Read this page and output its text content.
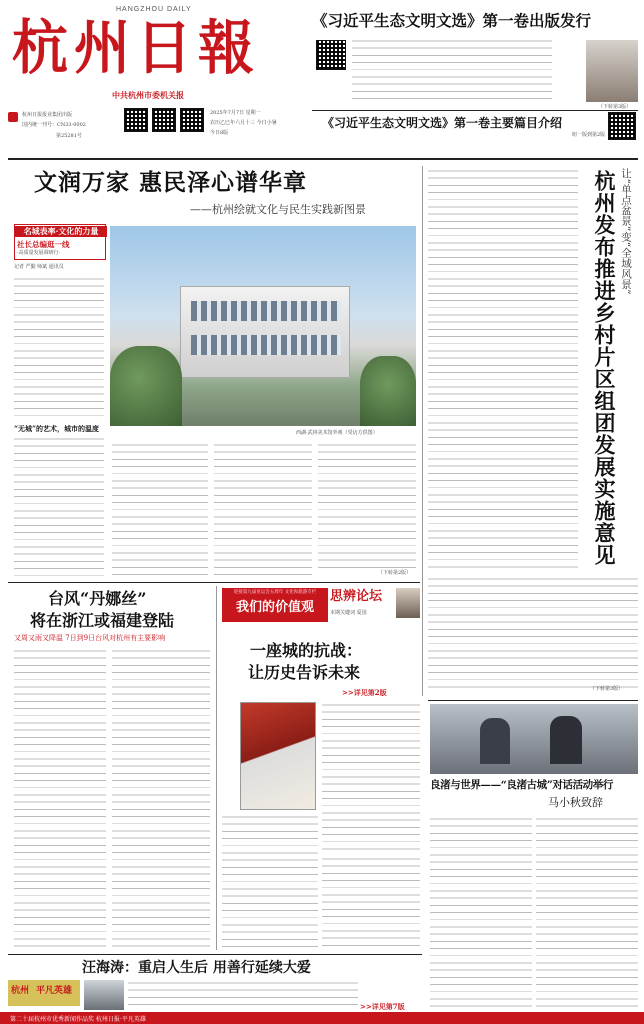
HANGZHOU DAILY
杭州日報
中共杭州市委机关报
杭州日报报业集团出版
国内统一刊号：CN33-0002
第25281号
2025年7月7日 星期一
农历乙巳年六月十三 今日小暑
今日8版
《习近平生态文明文选》第一卷出版发行
（下转第3版）
《习近平生态文明文选》第一卷主要篇目介绍
纽一版到第2版
文润万家 惠民泽心谱华章
——杭州绘就文化与民生实践新图景
名城表率·文化的力量
社长总编逛一线
·高质量发展调研行·
记者 严勤 师斌 通讯员
西湖·武林美术馆外观（受访方供图）
“无城”的艺术，城市的温度
（下转第2版）
让“单点盆景”变“全域风景”
杭州发布推进乡村片区组团发展实施意见
（下转第3版）
台风“丹娜丝”
将在浙江或福建登陆
又周又雨又降温 7日到9日台风对杭州有主要影响
迎接第九届亚运会五周年 文化和旅游专栏
我们的价值观
思辨论坛
本期关键词 爱国
一座城的抗战：
让历史告诉未来
>>详见第2版
良渚与世界——“良渚古城”对话活动举行
马小秋致辞
汪海涛：重启人生后 用善行延续大爱
杭州 平凡英雄
>>详见第7版
第二十届杭州市优秀新闻作品奖 杭州日报·平凡英雄
